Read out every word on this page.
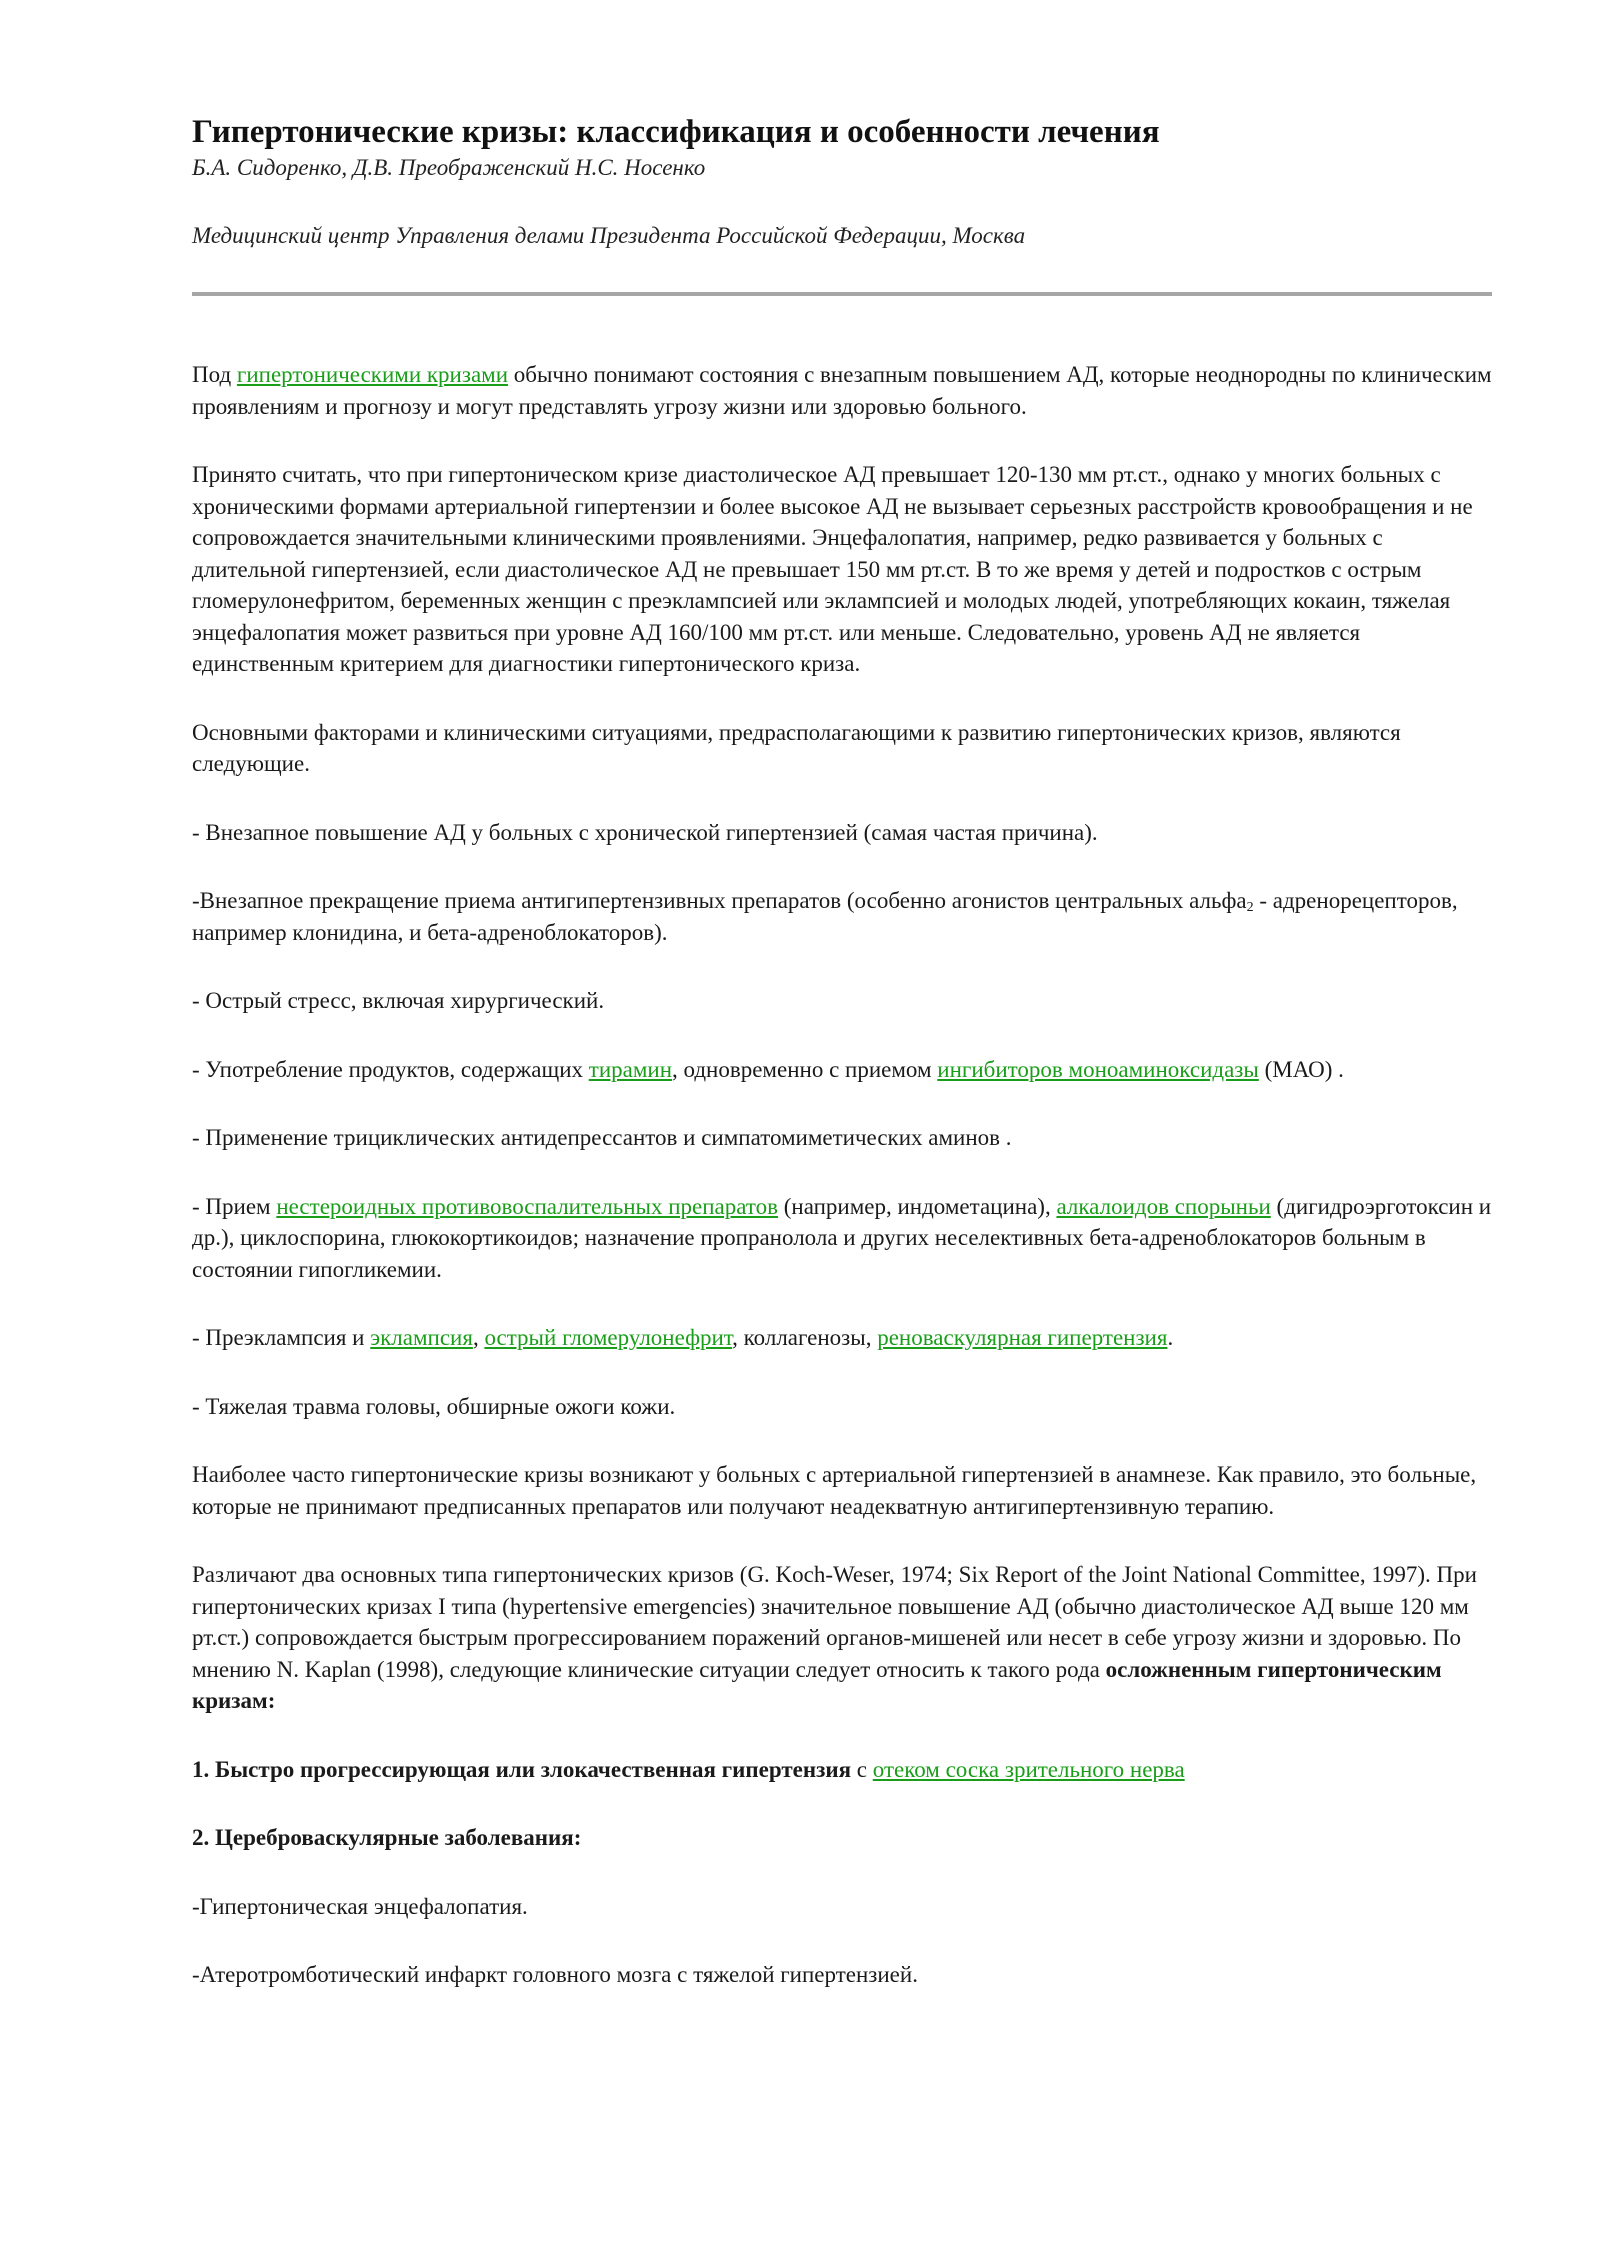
Гипертонические кризы: классификация и особенности лечения

Б.А. Сидоренко, Д.В. Преображенский Н.С. Носенко

Медицинский центр Управления делами Президента Российской Федерации, Москва

Под гипертоническими кризами обычно понимают состояния с внезапным повышением АД, которые неоднородны по клиническим проявлениям и прогнозу и могут представлять угрозу жизни или здоровью больного.

Принято считать, что при гипертоническом кризе диастолическое АД превышает 120-130 мм рт.ст., однако у многих больных с хроническими формами артериальной гипертензии и более высокое АД не вызывает серьезных расстройств кровообращения и не сопровождается значительными клиническими проявлениями. Энцефалопатия, например, редко развивается у больных с длительной гипертензией, если диастолическое АД не превышает 150 мм рт.ст. В то же время у детей и подростков с острым гломерулонефритом, беременных женщин с преэклампсией или эклампсией и молодых людей, употребляющих кокаин, тяжелая энцефалопатия может развиться при уровне АД 160/100 мм рт.ст. или меньше. Следовательно, уровень АД не является единственным критерием для диагностики гипертонического криза.

Основными факторами и клиническими ситуациями, предрасполагающими к развитию гипертонических кризов, являются следующие.

- Внезапное повышение АД у больных с хронической гипертензией (самая частая причина).

-Внезапное прекращение приема антигипертензивных препаратов (особенно агонистов центральных альфа$_2$ - адренорецепторов, например клонидина, и бета-адреноблокаторов).

- Острый стресс, включая хирургический.

- Употребление продуктов, содержащих тирамин, одновременно с приемом ингибиторов моноаминоксидазы (МАО) .

- Применение трициклических антидепрессантов и симпатомиметических аминов .

- Прием нестероидных противовоспалительных препаратов (например, индометацина), алкалоидов спорыньи (дигидроэрготоксин и др.), циклоспорина, глюкокортикоидов; назначение пропранолола и других неселективных бета-адреноблокаторов больным в состоянии гипогликемии.

- Преэклампсия и эклампсия, острый гломерулонефрит, коллагенозы, реноваскулярная гипертензия.

- Тяжелая травма головы, обширные ожоги кожи.

Наиболее часто гипертонические кризы возникают у больных с артериальной гипертензией в анамнезе. Как правило, это больные, которые не принимают предписанных препаратов или получают неадекватную антигипертензивную терапию.

Различают два основных типа гипертонических кризов (G. Koch-Weser, 1974; Six Report of the Joint National Committee, 1997). При гипертонических кризах I типа (hypertensive emergencies) значительное повышение АД (обычно диастолическое АД выше 120 мм рт.ст.) сопровождается быстрым прогрессированием поражений органов-мишеней или несет в себе угрозу жизни и здоровью. По мнению N. Kaplan (1998), следующие клинические ситуации следует относить к такого рода осложненным гипертоническим кризам:

1. Быстро прогрессирующая или злокачественная гипертензия с отеком соска зрительного нерва

2. Цереброваскулярные заболевания:

-Гипертоническая энцефалопатия.

-Атеротромботический инфаркт головного мозга с тяжелой гипертензией.
